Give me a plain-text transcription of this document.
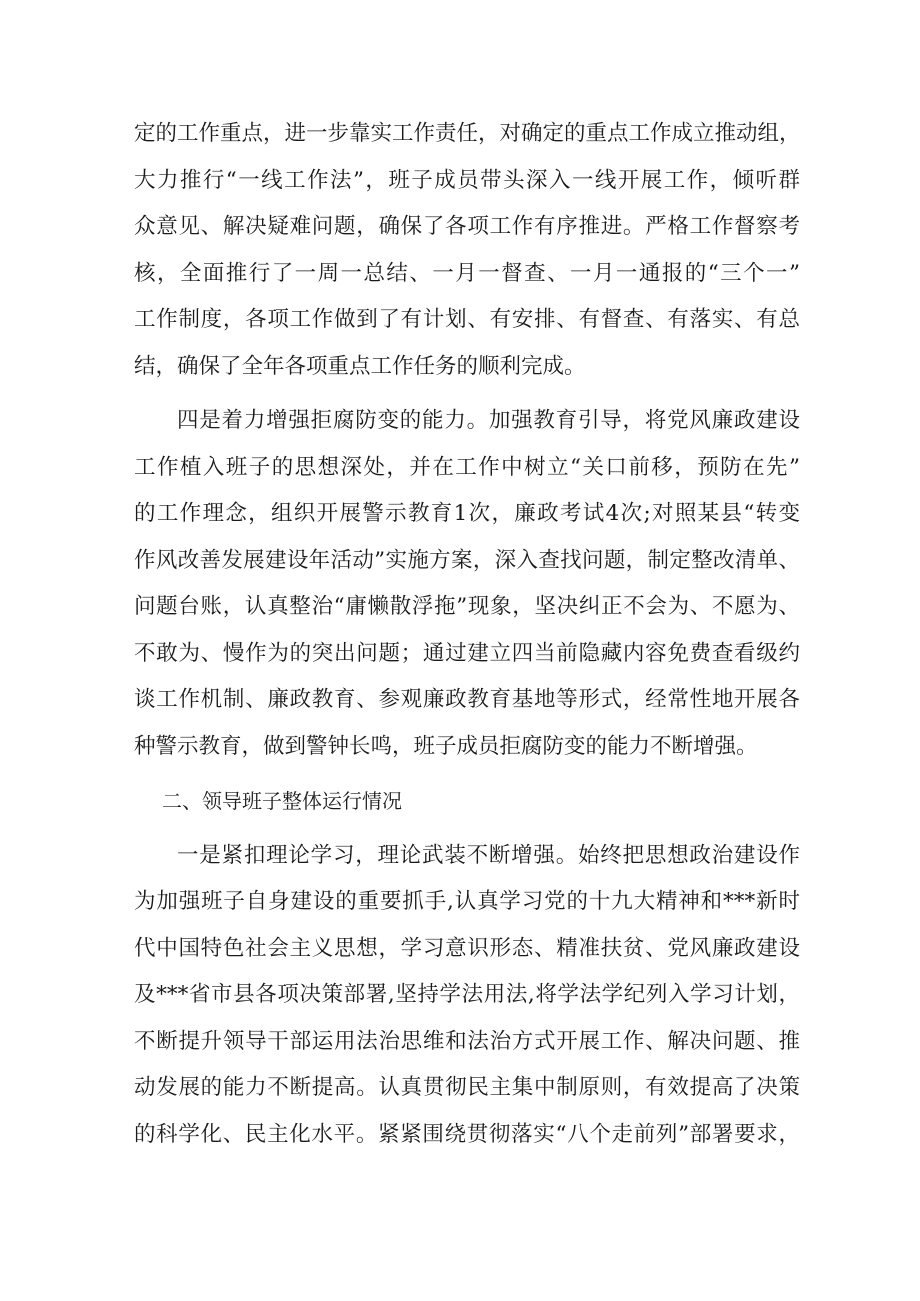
定的工作重点，进一步靠实工作责任，对确定的重点工作成立推动组，
大力推行“一线工作法”，班子成员带头深入一线开展工作，倾听群
众意见、解决疑难问题，确保了各项工作有序推进。严格工作督察考
核，全面推行了一周一总结、一月一督查、一月一通报的“三个一”
工作制度，各项工作做到了有计划、有安排、有督查、有落实、有总
结，确保了全年各项重点工作任务的顺利完成。
四是着力增强拒腐防变的能力。加强教育引导，将党风廉政建设
工作植入班子的思想深处，并在工作中树立“关口前移，预防在先”
的工作理念，组织开展警示教育1次，廉政考试4次;对照某县“转变
作风改善发展建设年活动”实施方案，深入查找问题，制定整改清单、
问题台账，认真整治“庸懒散浮拖”现象，坚决纠正不会为、不愿为、
不敢为、慢作为的突出问题；通过建立四当前隐藏内容免费查看级约
谈工作机制、廉政教育、参观廉政教育基地等形式，经常性地开展各
种警示教育，做到警钟长鸣，班子成员拒腐防变的能力不断增强。
二、领导班子整体运行情况
一是紧扣理论学习，理论武装不断增强。始终把思想政治建设作
为加强班子自身建设的重要抓手,认真学习党的十九大精神和***新时
代中国特色社会主义思想，学习意识形态、精准扶贫、党风廉政建设
及***省市县各项决策部署,坚持学法用法,将学法学纪列入学习计划，
不断提升领导干部运用法治思维和法治方式开展工作、解决问题、推
动发展的能力不断提高。认真贯彻民主集中制原则，有效提高了决策
的科学化、民主化水平。紧紧围绕贯彻落实“八个走前列”部署要求，
